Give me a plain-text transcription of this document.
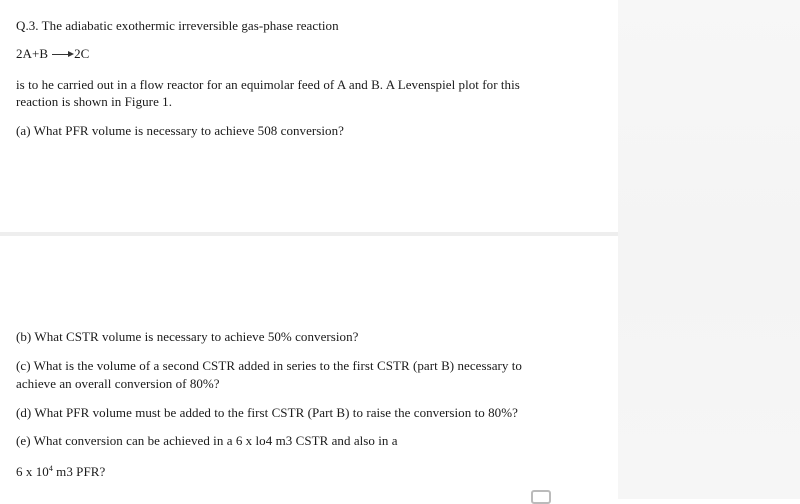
Q.3. The adiabatic exothermic irreversible gas-phase reaction
2A+B → 2C
is to he carried out in a flow reactor for an equimolar feed of A and B. A Levenspiel plot for this
reaction is shown in Figure 1.
(a) What PFR volume is necessary to achieve 508 conversion?
(b) What CSTR volume is necessary to achieve 50% conversion?
(c) What is the volume of a second CSTR added in series to the first CSTR (part B) necessary to
achieve an overall conversion of 80%?
(d) What PFR volume must be added to the first CSTR (Part B) to raise the conversion to 80%?
(e) What conversion can be achieved in a 6 x lo4 m3 CSTR and also in a
6 x $10^4$ m3 PFR?
